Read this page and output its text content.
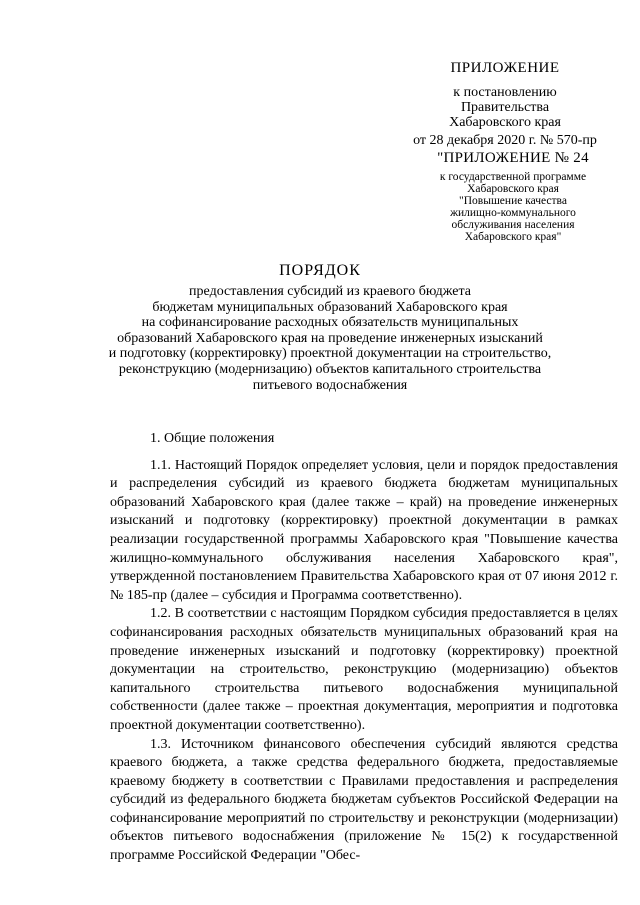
ПРИЛОЖЕНИЕ
к постановлению
Правительства
Хабаровского края
от 28 декабря 2020 г. № 570-пр
"ПРИЛОЖЕНИЕ № 24
к государственной программе
Хабаровского края
"Повышение качества
жилищно-коммунального
обслуживания населения
Хабаровского края"
ПОРЯДОК
предоставления субсидий из краевого бюджета
бюджетам муниципальных образований Хабаровского края
на софинансирование расходных обязательств муниципальных
образований Хабаровского края на проведение инженерных изысканий
и подготовку (корректировку) проектной документации на строительство,
реконструкцию (модернизацию) объектов капитального строительства
питьевого водоснабжения

1. Общие положения

1.1. Настоящий Порядок определяет условия, цели и порядок предоставления и распределения субсидий из краевого бюджета бюджетам муниципальных образований Хабаровского края (далее также – край) на проведение инженерных изысканий и подготовку (корректировку) проектной документации в рамках реализации государственной программы Хабаровского края "Повышение качества жилищно-коммунального обслуживания населения Хабаровского края", утвержденной постановлением Правительства Хабаровского края от 07 июня 2012 г. № 185-пр (далее – субсидия и Программа соответственно).

1.2. В соответствии с настоящим Порядком субсидия предоставляется в целях софинансирования расходных обязательств муниципальных образований края на проведение инженерных изысканий и подготовку (корректировку) проектной документации на строительство, реконструкцию (модернизацию) объектов капитального строительства питьевого водоснабжения муниципальной собственности (далее также – проектная документация, мероприятия и подготовка проектной документации соответственно).

1.3. Источником финансового обеспечения субсидий являются средства краевого бюджета, а также средства федерального бюджета, предоставляемые краевому бюджету в соответствии с Правилами предоставления и распределения субсидий из федерального бюджета бюджетам субъектов Российской Федерации на софинансирование мероприятий по строительству и реконструкции (модернизации) объектов питьевого водоснабжения (приложение № 15(2) к государственной программе Российской Федерации "Обес-
